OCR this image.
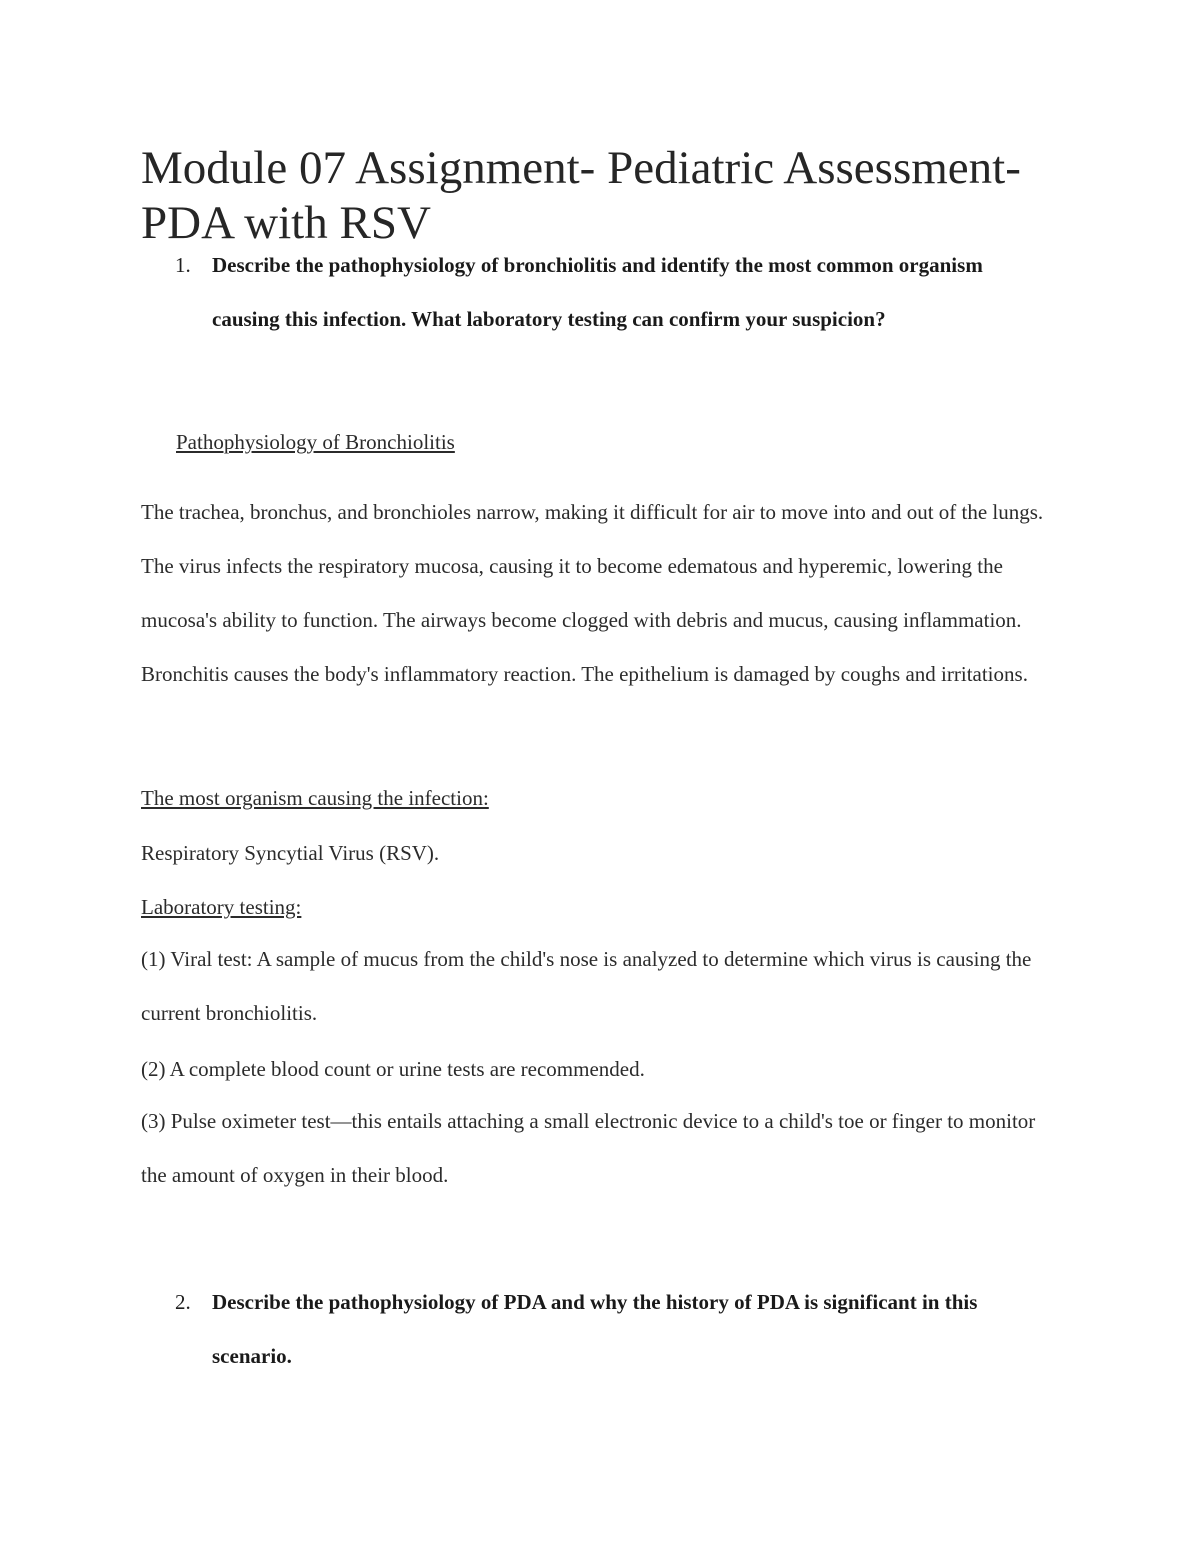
Module 07 Assignment- Pediatric Assessment- PDA with RSV
1. Describe the pathophysiology of bronchiolitis and identify the most common organism causing this infection. What laboratory testing can confirm your suspicion?

Pathophysiology of Bronchiolitis

The trachea, bronchus, and bronchioles narrow, making it difficult for air to move into and out of the lungs. The virus infects the respiratory mucosa, causing it to become edematous and hyperemic, lowering the mucosa's ability to function. The airways become clogged with debris and mucus, causing inflammation. Bronchitis causes the body's inflammatory reaction. The epithelium is damaged by coughs and irritations.

The most organism causing the infection:

Respiratory Syncytial Virus (RSV).

Laboratory testing:

(1) Viral test: A sample of mucus from the child's nose is analyzed to determine which virus is causing the current bronchiolitis.

(2) A complete blood count or urine tests are recommended.

(3) Pulse oximeter test—this entails attaching a small electronic device to a child's toe or finger to monitor the amount of oxygen in their blood.

2. Describe the pathophysiology of PDA and why the history of PDA is significant in this scenario.
